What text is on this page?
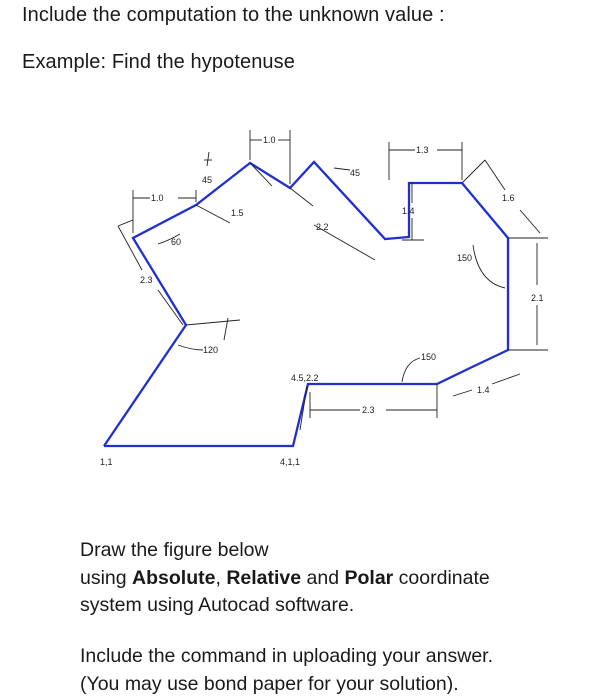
Include the computation to the unknown value :
Example: Find the hypotenuse
1.0
1.3
1.0
45
45
60
1.5
2.2
1.4
1.6
150
2.1
2.3
120
4.5,2.2
150
1.4
2.3
1,1	4,1,1
Draw the figure below
using Absolute, Relative and Polar coordinate
system using Autocad software.
Include the command in uploading your answer.
(You may use bond paper for your solution).
